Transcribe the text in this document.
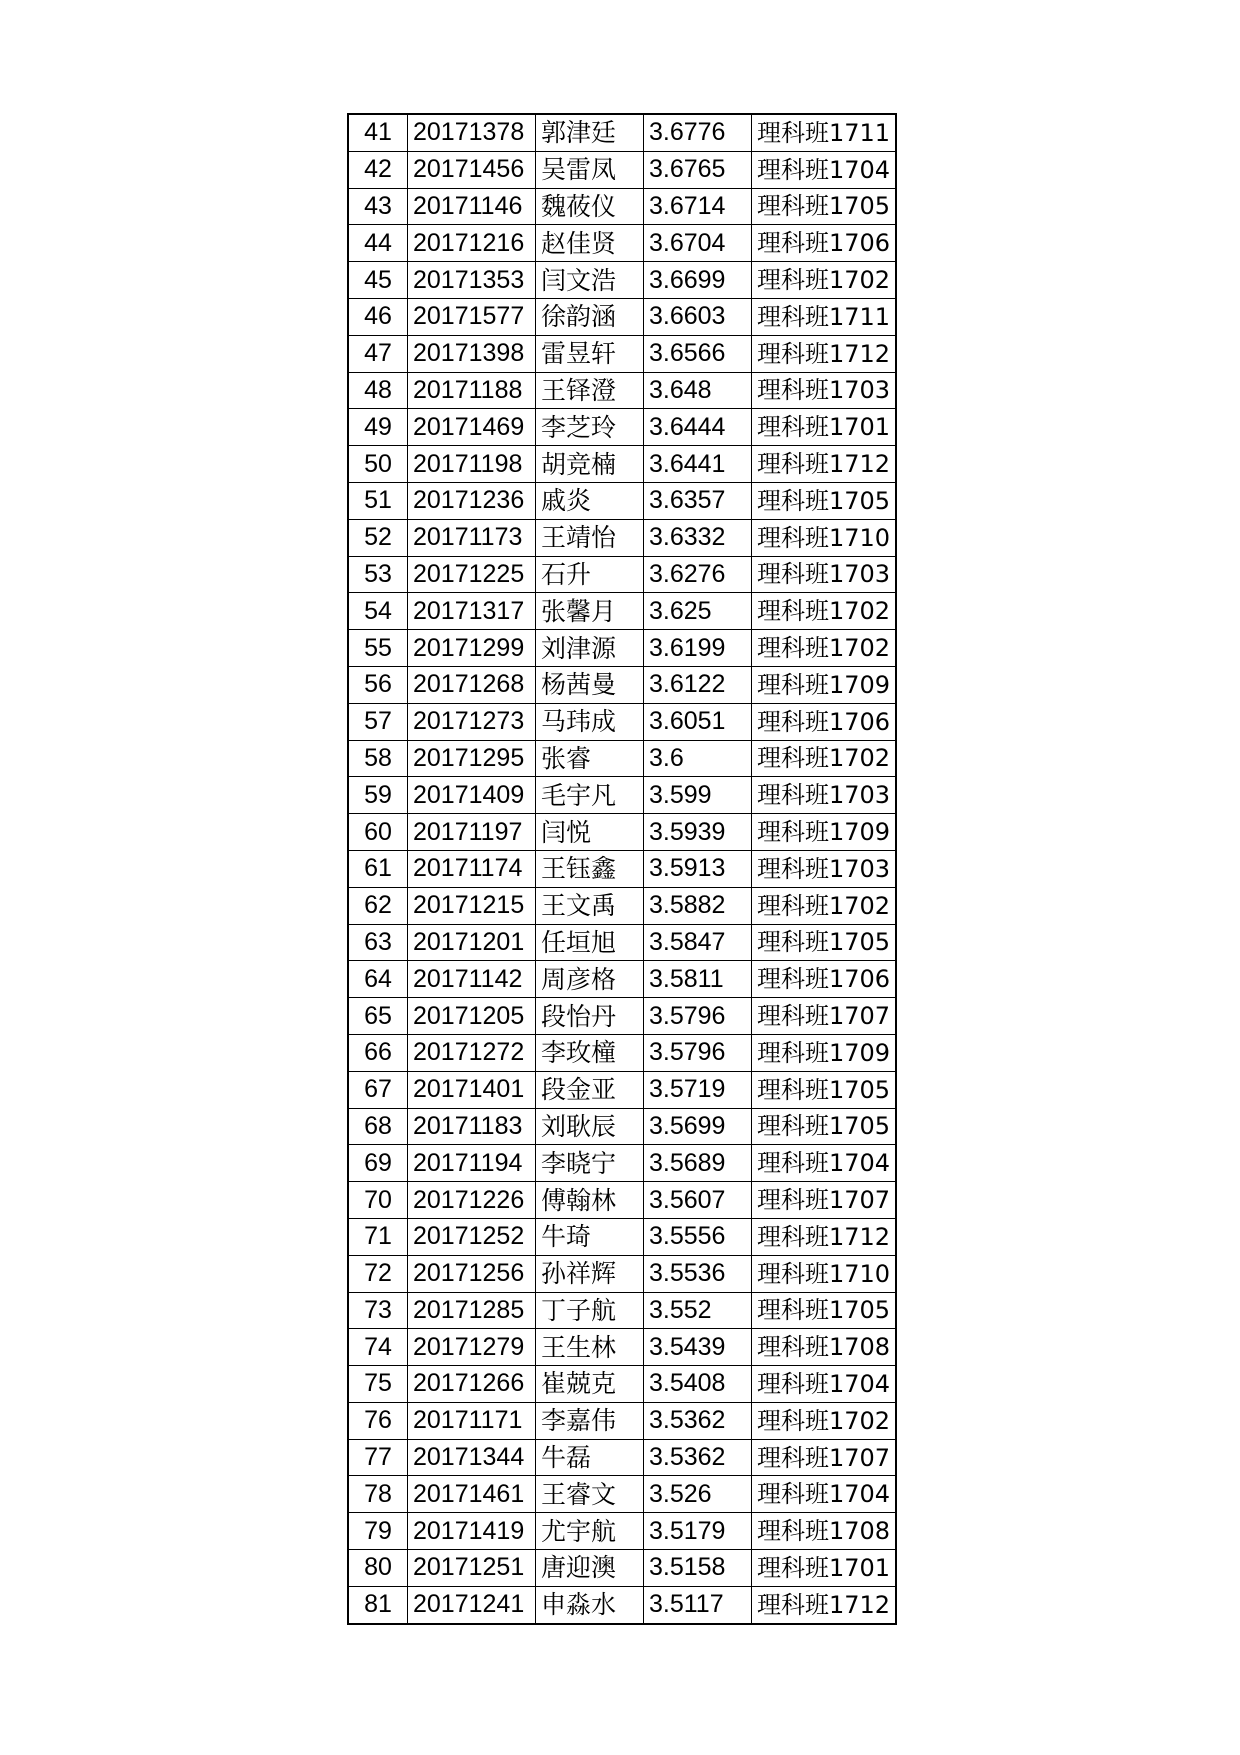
41	20171378	郭津廷	3.6776	理科班1711
42	20171456	吴雷凤	3.6765	理科班1704
43	20171146	魏莜仪	3.6714	理科班1705
44	20171216	赵佳贤	3.6704	理科班1706
45	20171353	闫文浩	3.6699	理科班1702
46	20171577	徐韵涵	3.6603	理科班1711
47	20171398	雷昱轩	3.6566	理科班1712
48	20171188	王铎澄	3.648	理科班1703
49	20171469	李芝玲	3.6444	理科班1701
50	20171198	胡竞楠	3.6441	理科班1712
51	20171236	戚炎	3.6357	理科班1705
52	20171173	王靖怡	3.6332	理科班1710
53	20171225	石升	3.6276	理科班1703
54	20171317	张馨月	3.625	理科班1702
55	20171299	刘津源	3.6199	理科班1702
56	20171268	杨茜曼	3.6122	理科班1709
57	20171273	马玮成	3.6051	理科班1706
58	20171295	张睿	3.6	理科班1702
59	20171409	毛宇凡	3.599	理科班1703
60	20171197	闫悦	3.5939	理科班1709
61	20171174	王钰鑫	3.5913	理科班1703
62	20171215	王文禹	3.5882	理科班1702
63	20171201	任垣旭	3.5847	理科班1705
64	20171142	周彦格	3.5811	理科班1706
65	20171205	段怡丹	3.5796	理科班1707
66	20171272	李玫橦	3.5796	理科班1709
67	20171401	段金亚	3.5719	理科班1705
68	20171183	刘耿辰	3.5699	理科班1705
69	20171194	李晓宁	3.5689	理科班1704
70	20171226	傅翰林	3.5607	理科班1707
71	20171252	牛琦	3.5556	理科班1712
72	20171256	孙祥辉	3.5536	理科班1710
73	20171285	丁子航	3.552	理科班1705
74	20171279	王生林	3.5439	理科班1708
75	20171266	崔兢克	3.5408	理科班1704
76	20171171	李嘉伟	3.5362	理科班1702
77	20171344	牛磊	3.5362	理科班1707
78	20171461	王睿文	3.526	理科班1704
79	20171419	尤宇航	3.5179	理科班1708
80	20171251	唐迎澳	3.5158	理科班1701
81	20171241	申淼水	3.5117	理科班1712
